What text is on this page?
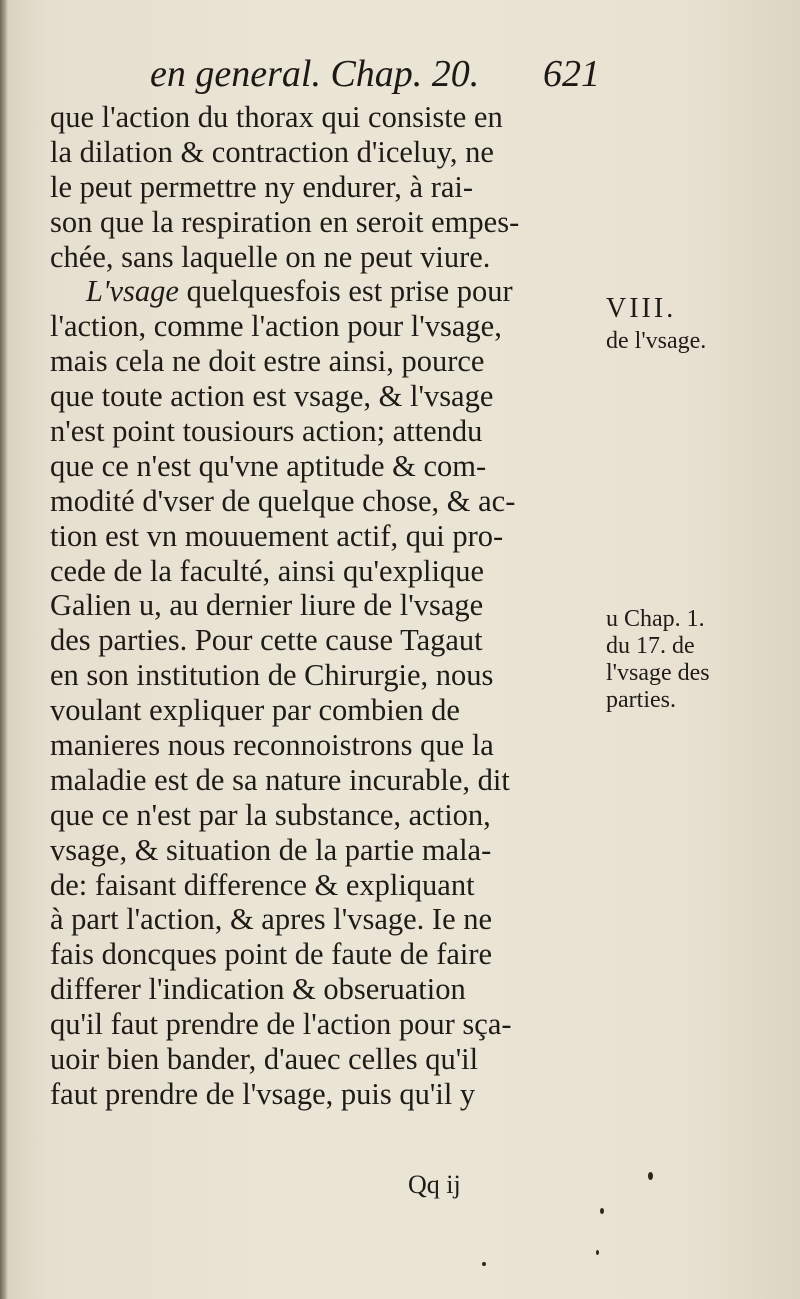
en general. Chap. 20. 621
que l'action du thorax qui consiste en
la dilation & contraction d'iceluy, ne
le peut permettre ny endurer, à rai-
son que la respiration en seroit empes-
chée, sans laquelle on ne peut viure.
L'vsage quelquesfois est prise pour
l'action, comme l'action pour l'vsage,
mais cela ne doit estre ainsi, pource
que toute action est vsage, & l'vsage
n'est point tousiours action; attendu
que ce n'est qu'vne aptitude & com-
modité d'vser de quelque chose, & ac-
tion est vn mouuement actif, qui pro-
cede de la faculté, ainsi qu'explique
Galien u, au dernier liure de l'vsage
des parties. Pour cette cause Tagaut
en son institution de Chirurgie, nous
voulant expliquer par combien de
manieres nous reconnoistrons que la
maladie est de sa nature incurable, dit
que ce n'est par la substance, action,
vsage, & situation de la partie mala-
de: faisant difference & expliquant
à part l'action, & apres l'vsage. Ie ne
fais doncques point de faute de faire
differer l'indication & obseruation
qu'il faut prendre de l'action pour sça-
uoir bien bander, d'auec celles qu'il
faut prendre de l'vsage, puis qu'il y
VIII.
de l'vsage.
u Chap. 1.
du 17. de
l'vsage des
parties.
Qq ij
